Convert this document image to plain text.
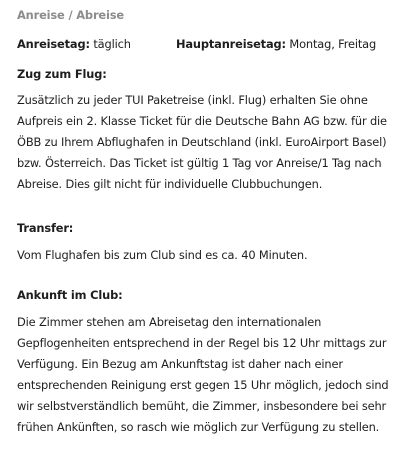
Anreise / Abreise
Anreisetag: täglich	Hauptanreisetag: Montag, Freitag
Zug zum Flug:
Zusätzlich zu jeder TUI Paketreise (inkl. Flug) erhalten Sie ohne
Aufpreis ein 2. Klasse Ticket für die Deutsche Bahn AG bzw. für die
ÖBB zu Ihrem Abflughafen in Deutschland (inkl. EuroAirport Basel)
bzw. Österreich. Das Ticket ist gültig 1 Tag vor Anreise/1 Tag nach
Abreise. Dies gilt nicht für individuelle Clubbuchungen.
Transfer:
Vom Flughafen bis zum Club sind es ca. 40 Minuten.
Ankunft im Club:
Die Zimmer stehen am Abreisetag den internationalen
Gepflogenheiten entsprechend in der Regel bis 12 Uhr mittags zur
Verfügung. Ein Bezug am Ankunftstag ist daher nach einer
entsprechenden Reinigung erst gegen 15 Uhr möglich, jedoch sind
wir selbstverständlich bemüht, die Zimmer, insbesondere bei sehr
frühen Ankünften, so rasch wie möglich zur Verfügung zu stellen.
